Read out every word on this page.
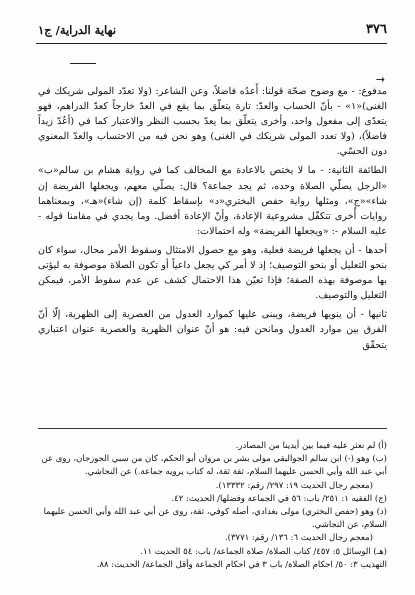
٣٧٦
نهاية الدراية/ ج١
→

مدفوع: - مع وضوح صحّة قولنا: أَعدُه فاضلاً، وعن الشاعر: (ولا تعدّد المولى شريكك في الغنى)«١» - بأنّ الحساب والعدّ: تارة يتعلّق بما يقع في العدّ خارجاً كعدّ الدراهم، فهو يتعدّى إلى مفعول واحد، وأخرى يتعلّق بما يعدّ بحسب النظر والاعتبار كما في (أعُدّ زيداً فاضلاً)، (ولا تعدد المولى شريكك في الغنى) وهو نحن فيه من الاحتساب والعدّ المعنوي دون الحسّي.

الطائفة الثانية: - ما لا يختص بالاعادة مع المخالف كما في رواية هشام بن سالم«ب» «الرجل يصلّي الصلاة وحده، ثم يجد جماعة؟ قال: يصلّي معهم، ويجعلها الفريضة إن شاء»«ج»، ومثلها رواية حفص البختري«د» بإسقاط كلمة (إن شاء)«هـ»، وبمعناهما روايات أُخرى تتكفّل مشروعية الإعادة، وأنّ الإعادة أفضل. وما يجدي في مقامنا قوله - عليه السلام -: «ويجعلها الفريضة» وله احتمالات:

أحدها - أن يجعلها فريضة فعلية، وهو مع حصول الامتثال وسقوط الأمر محال، سواء كان بنحو التعليل أو بنحو التوصيف؛ إذ لا أمر كي يجعل داعياً أو تكون الصلاة موصوفة به ليؤتى بها موصوفة بهذه الصفة؛ فإذا تعيّن هذا الاحتمال كشف عن عدم سقوط الأمر، فيمكن التعليل والتوصيف.

ثانيها - أن ينويها فريضة، ويبنى عليها كموارد العدول من العصرية إلى الظهرية، إلّا أنّ الفرق بين موارد العدول ومانحن فيه: هو أنّ عنوان الظهرية والعصرية عنوان اعتباري يتحقّق

(أ) لم نعثر عليه فيما بين أيدينا من المصادر.

(ب) وهو (-) ابن سالم الجواليقي مولى بشر بن مروان أبو الحكم، كان من سبي الجوزجان، روى عن أبي عبد الله وأبي الحسن عليهما السلام، ثقة ثقة، له كتاب يرويه جماعة.) عن النجاشي.

(معجم رجال الحديث ١٩: ٢٩٧/ رقم: ١٣٣٣٢).

(ج) الفقيه ١: ٢٥١/ باب: ٥٦ في الجماعة وفضلها/ الحديث: ٤٢.

(د) وهو (حفص البختري) مولى بغدادي، أصله كوفي، ثقة، روى عن أبي عبد الله وأبي الحسن عليهما السلام، عن النجاشي.

(معجم رجال الحديث ٦: ١٣٦/ رقم: ٣٧٧١).

(هـ) الوسائل ٥: ٤٥٧/ كتاب الصلاة/ صلاة الجماعة/ باب: ٥٤ الحديث ١١.

التهذيب ٣: ٥٠/ احكام الصلاة/ باب ٣ في احكام الجماعة وأقل الجماعة/ الحديث: ٨٨.
